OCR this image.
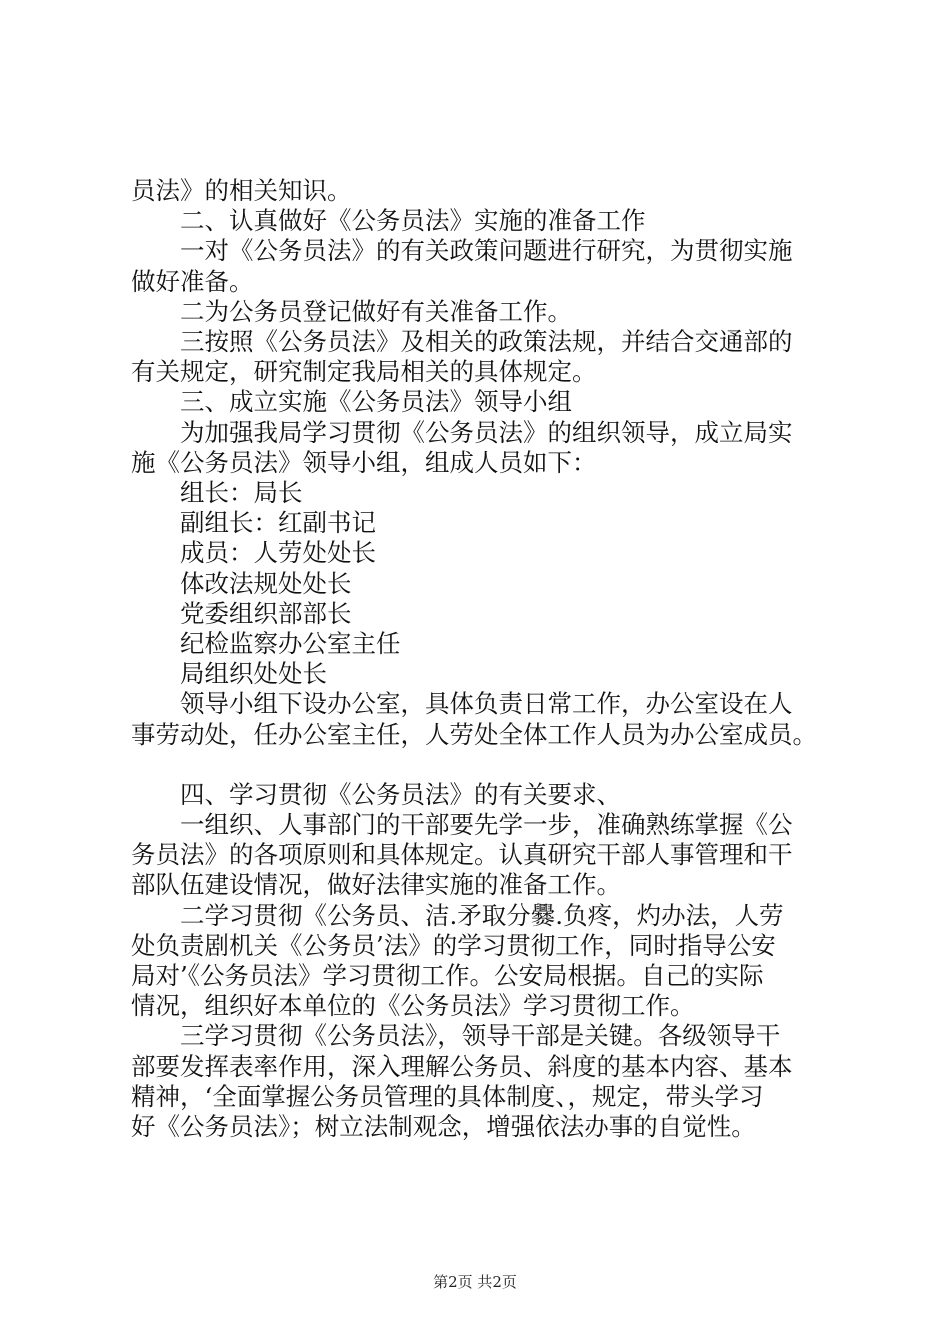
员法》的相关知识。

二、认真做好《公务员法》实施的准备工作

一对《公务员法》的有关政策问题进行研究，为贯彻实施

做好准备。

二为公务员登记做好有关准备工作。

三按照《公务员法》及相关的政策法规，并结合交通部的

有关规定，研究制定我局相关的具体规定。

三、成立实施《公务员法》领导小组

为加强我局学习贯彻《公务员法》的组织领导，成立局实

施《公务员法》领导小组，组成人员如下：

组长：局长

副组长：红副书记

成员：人劳处处长

体改法规处处长

党委组织部部长

纪检监察办公室主任

局组织处处长

领导小组下设办公室，具体负责日常工作，办公室设在人

事劳动处，任办公室主任，人劳处全体工作人员为办公室成员。

四、学习贯彻《公务员法》的有关要求、

一组织、人事部门的干部要先学一步，准确熟练掌握《公

务员法》的各项原则和具体规定。认真研究干部人事管理和干

部队伍建设情况，做好法律实施的准备工作。

二学习贯彻《公务员、洁.矛取分爨.负疼，灼办法，人劳

处负责剧机关《公务员’法》的学习贯彻工作，同时指导公安

局对’《公务员法》学习贯彻工作。公安局根据。自己的实际

情况，组织好本单位的《公务员法》学习贯彻工作。

三学习贯彻《公务员法》，领导干部是关键。各级领导干

部要发挥表率作用，深入理解公务员、斜度的基本内容、基本

精神，‘全面掌握公务员管理的具体制度、，规定，带头学习

好《公务员法》；树立法制观念，增强依法办事的自觉性。

第2页 共2页
